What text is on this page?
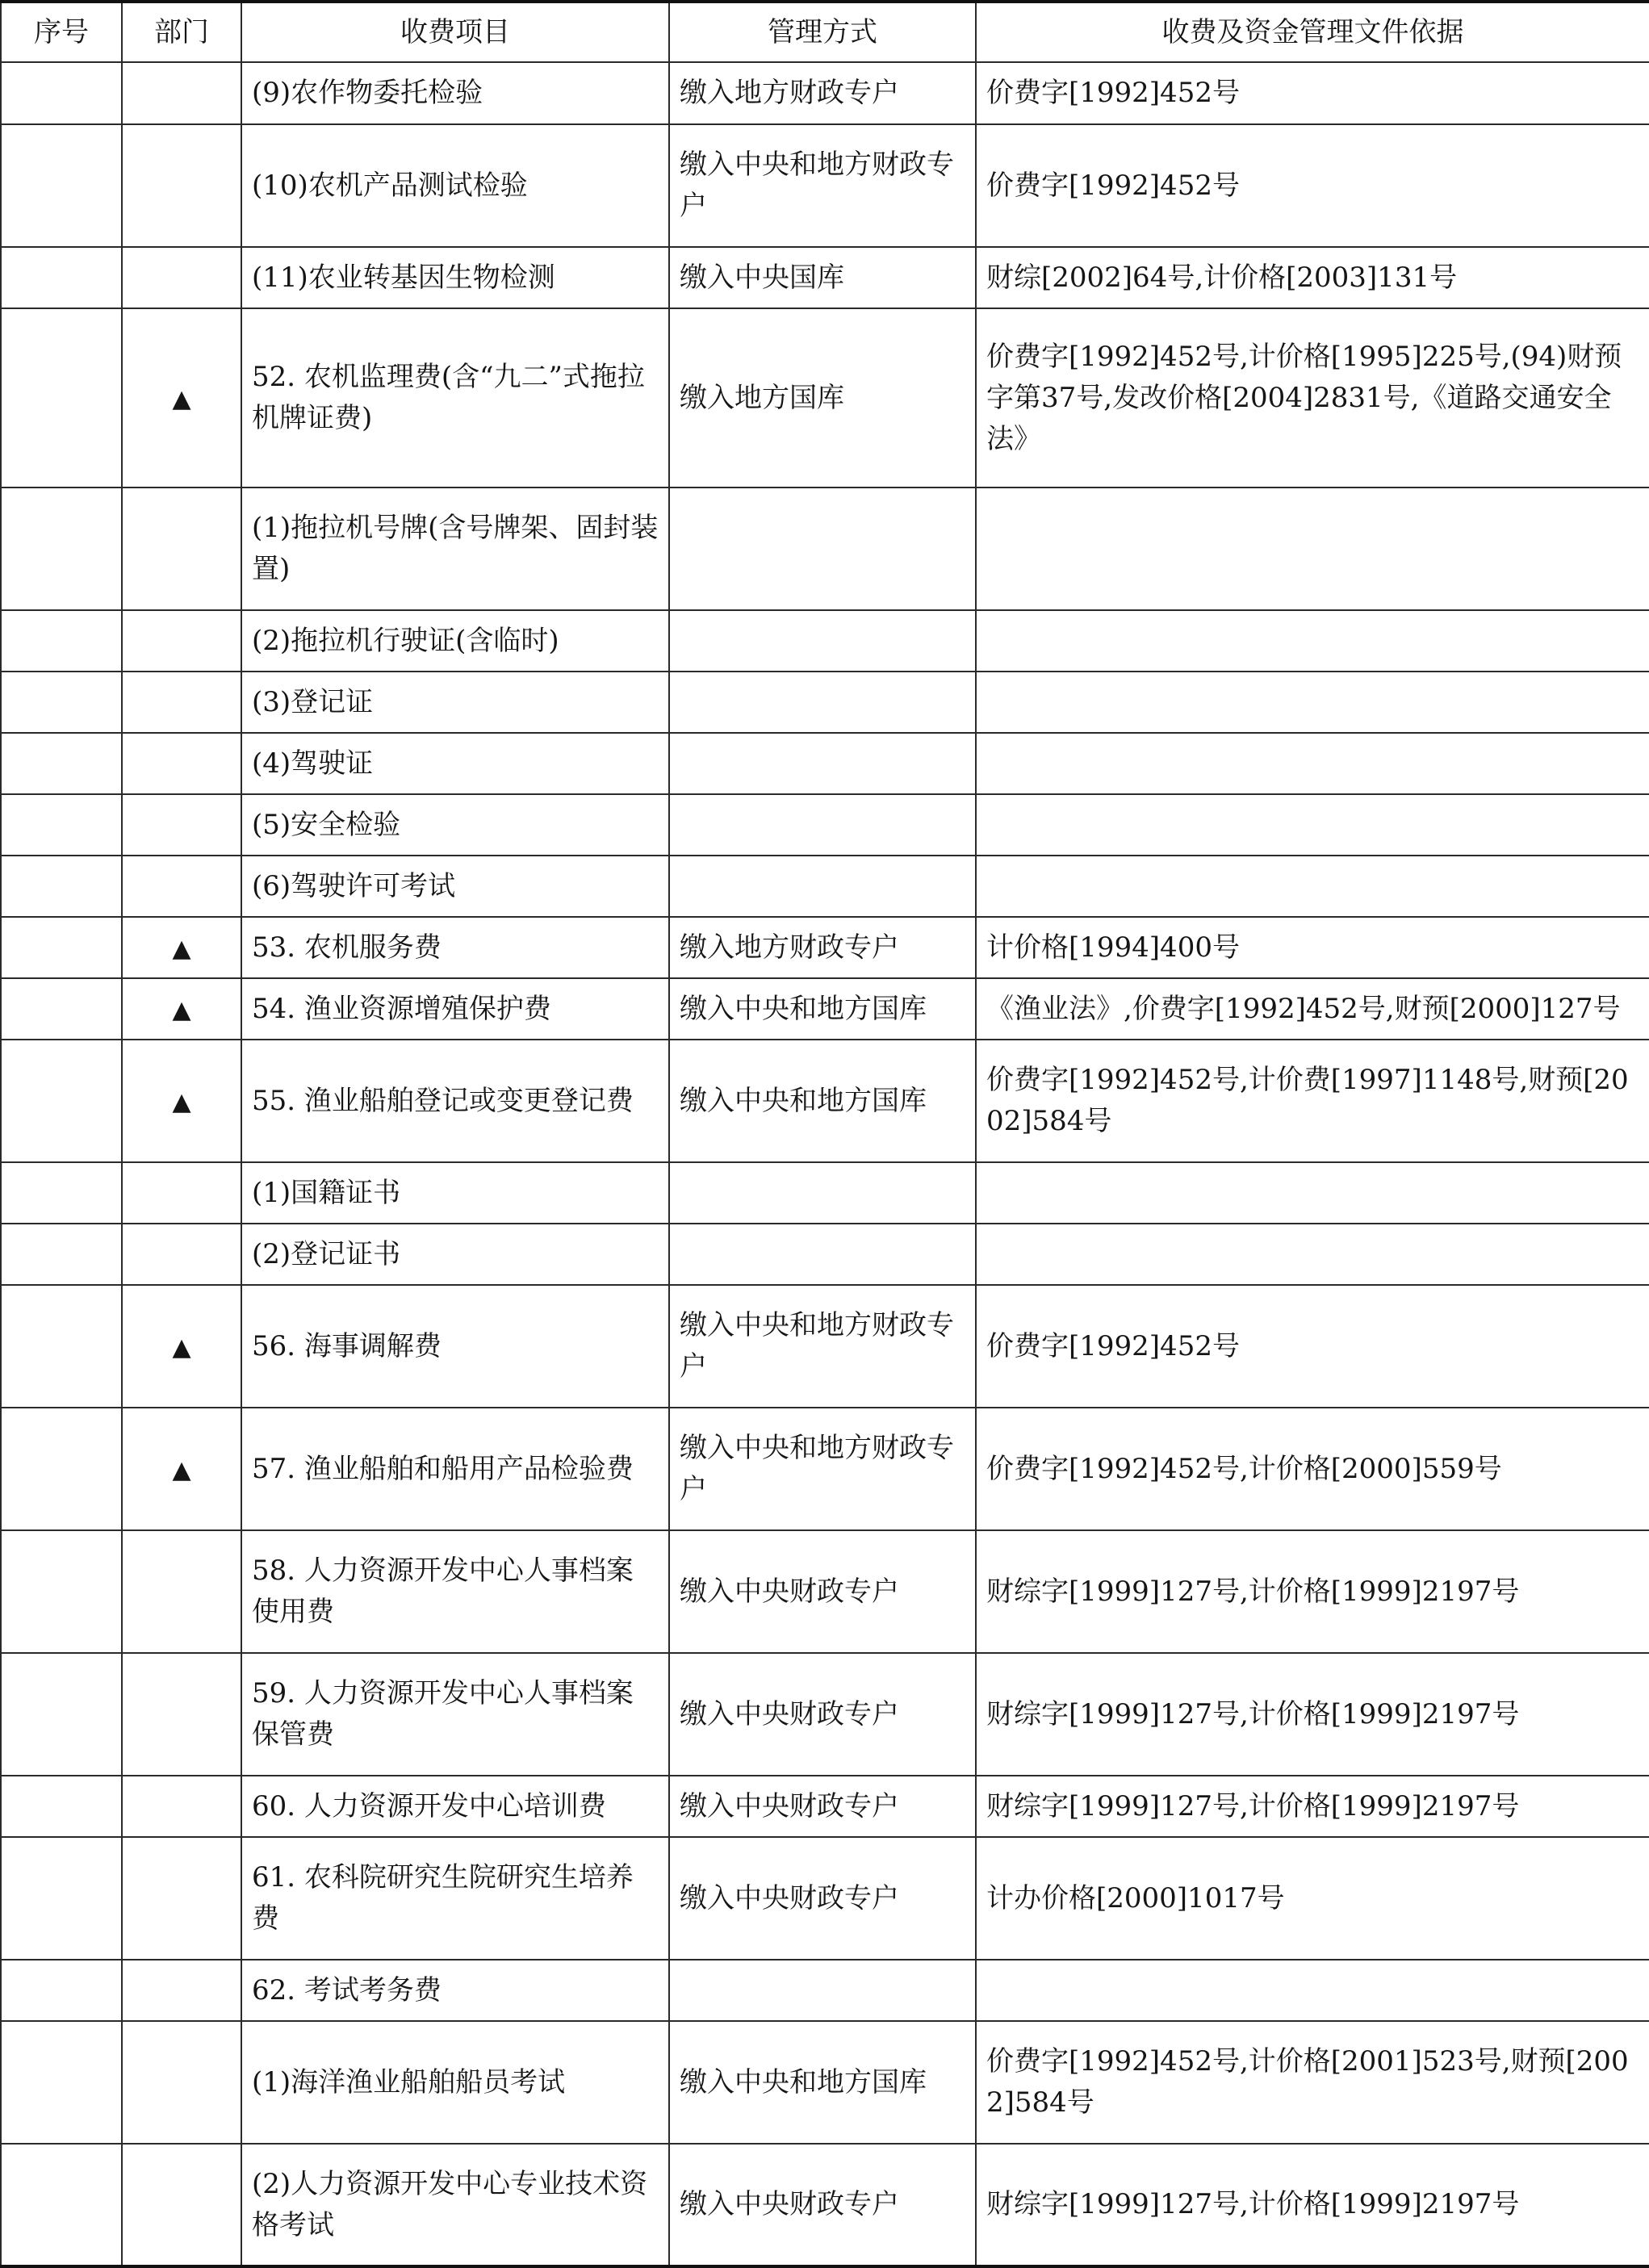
序号	部门	收费项目	管理方式	收费及资金管理文件依据
		(9)农作物委托检验	缴入地方财政专户	价费字[1992]452号
		(10)农机产品测试检验	缴入中央和地方财政专户	价费字[1992]452号
		(11)农业转基因生物检测	缴入中央国库	财综[2002]64号,计价格[2003]131号
	▲	52. 农机监理费(含“九二”式拖拉机牌证费)	缴入地方国库	价费字[1992]452号,计价格[1995]225号,(94)财预字第37号,发改价格[2004]2831号,《道路交通安全法》
		(1)拖拉机号牌(含号牌架、固封装置)		
		(2)拖拉机行驶证(含临时)		
		(3)登记证		
		(4)驾驶证		
		(5)安全检验		
		(6)驾驶许可考试		
	▲	53. 农机服务费	缴入地方财政专户	计价格[1994]400号
	▲	54. 渔业资源增殖保护费	缴入中央和地方国库	《渔业法》,价费字[1992]452号,财预[2000]127号
	▲	55. 渔业船舶登记或变更登记费	缴入中央和地方国库	价费字[1992]452号,计价费[1997]1148号,财预[2002]584号
		(1)国籍证书		
		(2)登记证书		
	▲	56. 海事调解费	缴入中央和地方财政专户	价费字[1992]452号
	▲	57. 渔业船舶和船用产品检验费	缴入中央和地方财政专户	价费字[1992]452号,计价格[2000]559号
		58. 人力资源开发中心人事档案使用费	缴入中央财政专户	财综字[1999]127号,计价格[1999]2197号
		59. 人力资源开发中心人事档案保管费	缴入中央财政专户	财综字[1999]127号,计价格[1999]2197号
		60. 人力资源开发中心培训费	缴入中央财政专户	财综字[1999]127号,计价格[1999]2197号
		61. 农科院研究生院研究生培养费	缴入中央财政专户	计办价格[2000]1017号
		62. 考试考务费		
		(1)海洋渔业船舶船员考试	缴入中央和地方国库	价费字[1992]452号,计价格[2001]523号,财预[2002]584号
		(2)人力资源开发中心专业技术资格考试	缴入中央财政专户	财综字[1999]127号,计价格[1999]2197号
